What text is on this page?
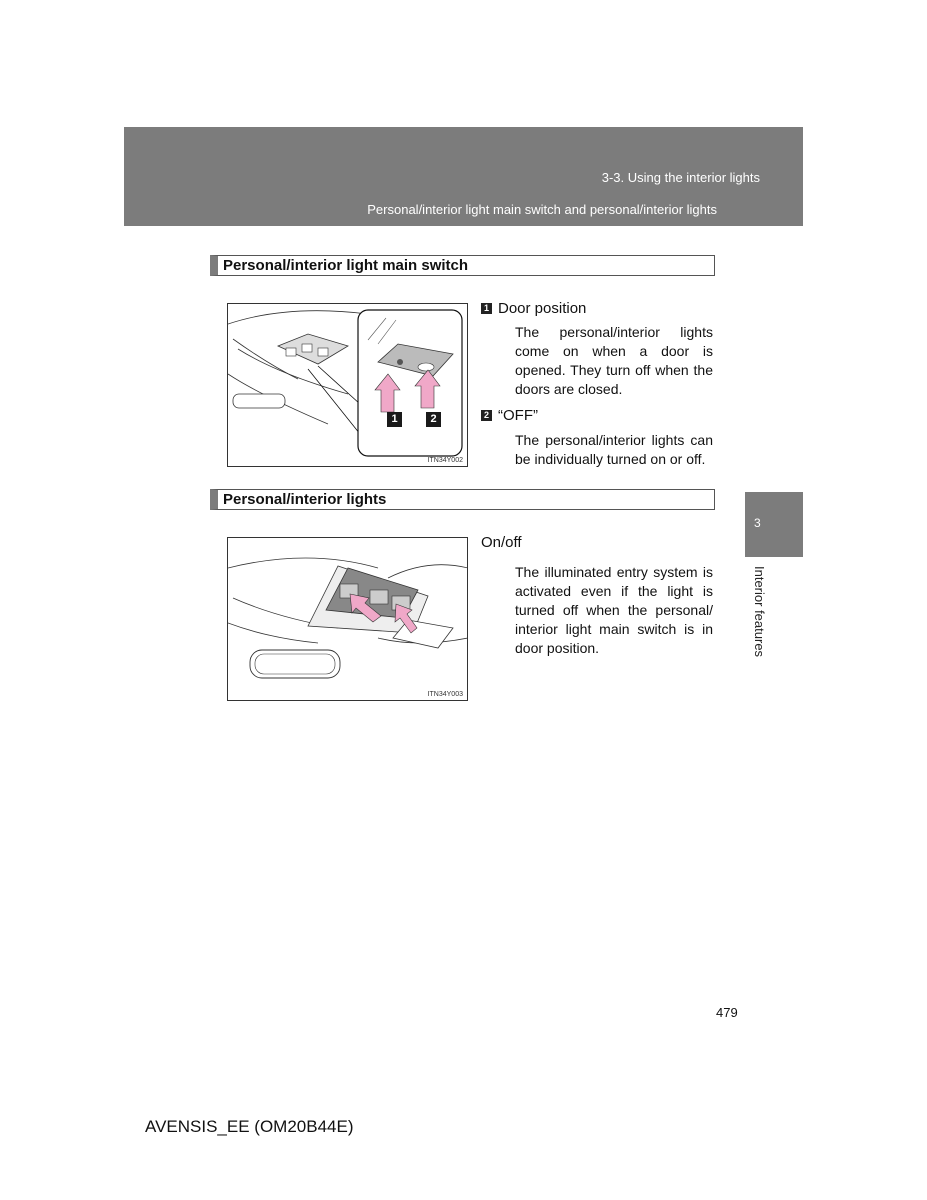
3-3. Using the interior lights
Personal/interior light main switch and personal/interior lights
Personal/interior light main switch
1	2
ITN34Y002
1 Door position
The personal/interior lights come on when a door is opened. They turn off when the doors are closed.
2 “OFF”
The personal/interior lights can be individually turned on or off.
Personal/interior lights
ITN34Y003
On/off
The illuminated entry system is activated even if the light is turned off when the personal/ interior light main switch is in door position.
3
Interior features
479
AVENSIS_EE (OM20B44E)
